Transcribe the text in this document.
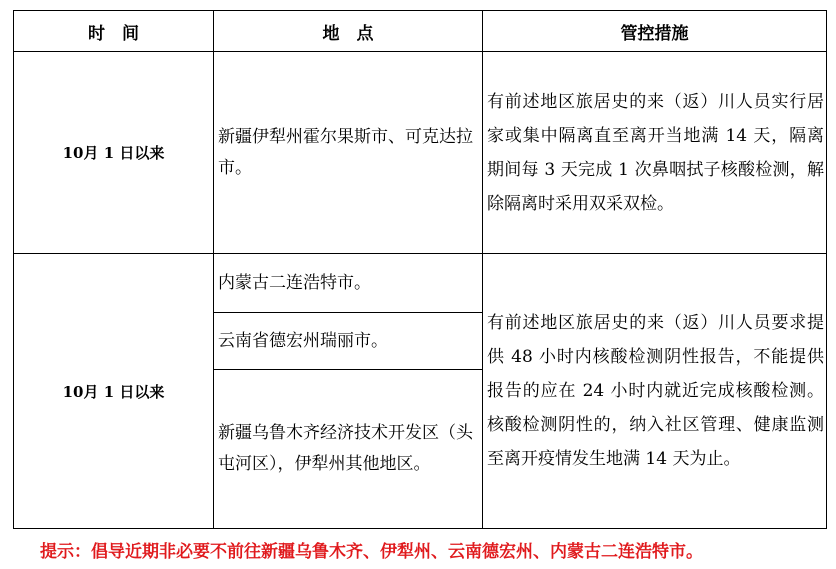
时　间	地　点	管控措施
10月 1 日以来
新疆伊犁州霍尔果斯市、可克达拉市。
有前述地区旅居史的来（返）川人员实行居家或集中隔离直至离开当地满 14 天，隔离期间每 3 天完成 1 次鼻咽拭子核酸检测，解除隔离时采用双采双检。
10月 1 日以来
内蒙古二连浩特市。
云南省德宏州瑞丽市。
新疆乌鲁木齐经济技术开发区（头屯河区），伊犁州其他地区。
有前述地区旅居史的来（返）川人员要求提供 48 小时内核酸检测阴性报告，不能提供报告的应在 24 小时内就近完成核酸检测。核酸检测阴性的，纳入社区管理、健康监测至离开疫情发生地满 14 天为止。
提示：倡导近期非必要不前往新疆乌鲁木齐、伊犁州、云南德宏州、内蒙古二连浩特市。
